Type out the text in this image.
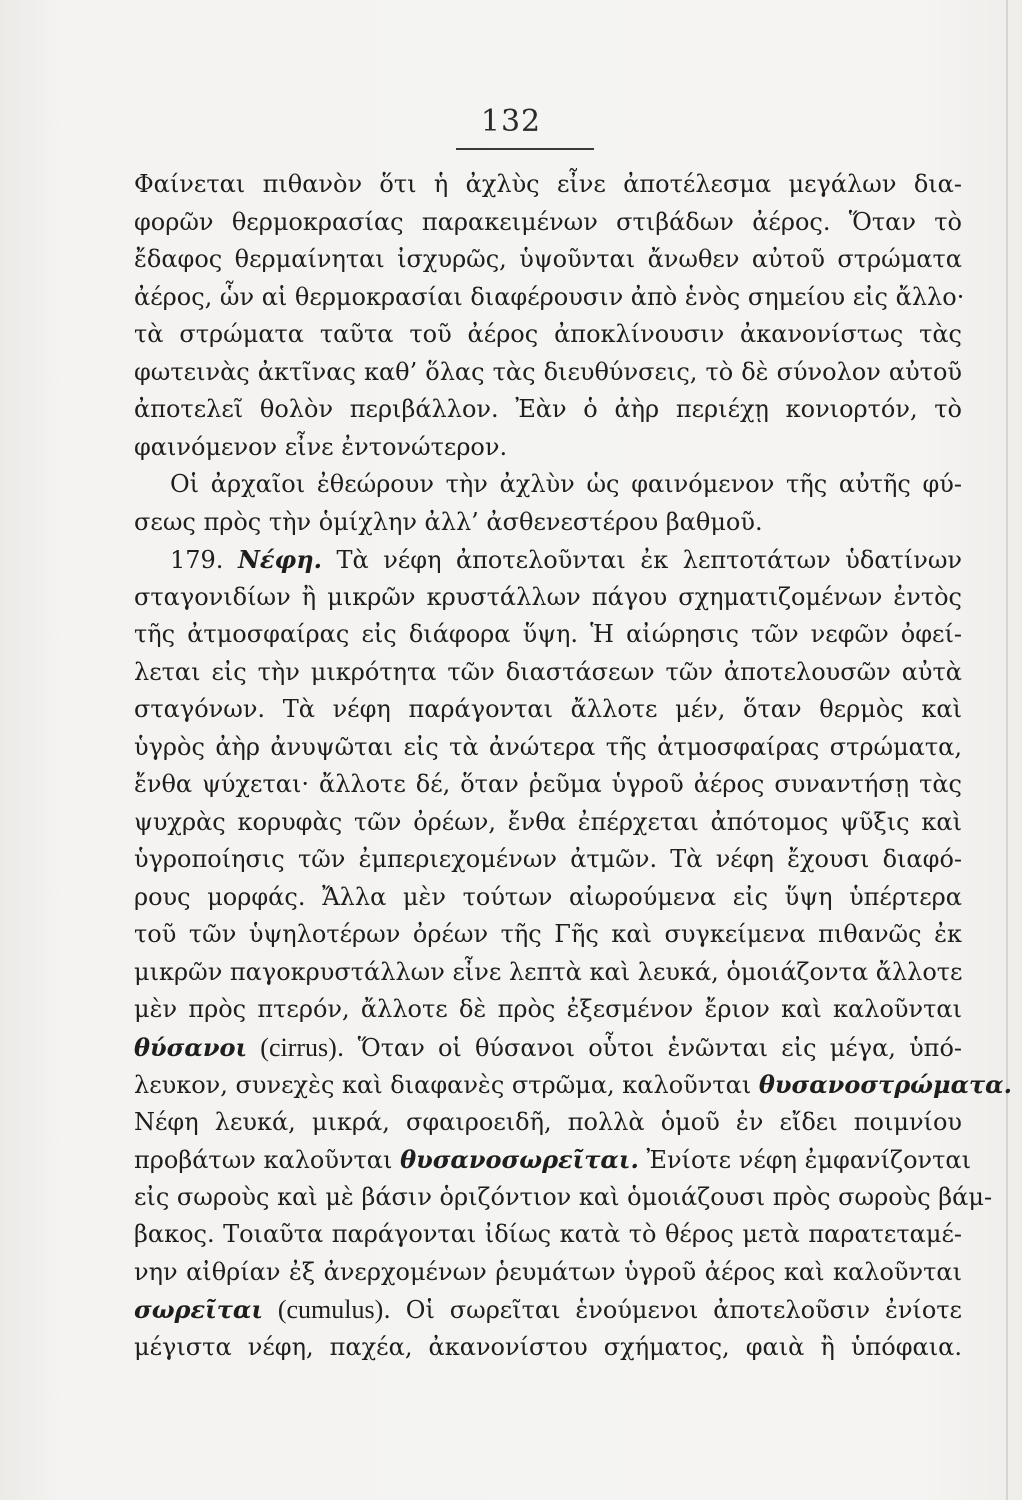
132
Φαίνεται πιθανὸν ὅτι ἡ ἀχλὺς εἶνε ἀποτέλεσμα μεγάλων δια-
φορῶν θερμοκρασίας παρακειμένων στιβάδων ἀέρος. Ὅταν τὸ
ἔδαφος θερμαίνηται ἰσχυρῶς, ὑψοῦνται ἄνωθεν αὐτοῦ στρώματα
ἀέρος, ὧν αἱ θερμοκρασίαι διαφέρουσιν ἀπὸ ἑνὸς σημείου εἰς ἄλλο·
τὰ στρώματα ταῦτα τοῦ ἀέρος ἀποκλίνουσιν ἀκανονίστως τὰς
φωτεινὰς ἀκτῖνας καθ’ ὅλας τὰς διευθύνσεις, τὸ δὲ σύνολον αὐτοῦ
ἀποτελεῖ θολὸν περιβάλλον. Ἐὰν ὁ ἀὴρ περιέχῃ κονιορτόν, τὸ
φαινόμενον εἶνε ἐντονώτερον.
Οἱ ἀρχαῖοι ἐθεώρουν τὴν ἀχλὺν ὡς φαινόμενον τῆς αὐτῆς φύ-
σεως πρὸς τὴν ὁμίχλην ἀλλ’ ἀσθενεστέρου βαθμοῦ.
179. Νέφη. Τὰ νέφη ἀποτελοῦνται ἐκ λεπτοτάτων ὑδατίνων
σταγονιδίων ἢ μικρῶν κρυστάλλων πάγου σχηματιζομένων ἐντὸς
τῆς ἀτμοσφαίρας εἰς διάφορα ὕψη. Ἡ αἰώρησις τῶν νεφῶν ὀφεί-
λεται εἰς τὴν μικρότητα τῶν διαστάσεων τῶν ἀποτελουσῶν αὐτὰ
σταγόνων. Τὰ νέφη παράγονται ἄλλοτε μέν, ὅταν θερμὸς καὶ
ὑγρὸς ἀὴρ ἀνυψῶται εἰς τὰ ἀνώτερα τῆς ἀτμοσφαίρας στρώματα,
ἔνθα ψύχεται· ἄλλοτε δέ, ὅταν ῥεῦμα ὑγροῦ ἀέρος συναντήσῃ τὰς
ψυχρὰς κορυφὰς τῶν ὀρέων, ἔνθα ἐπέρχεται ἀπότομος ψῦξις καὶ
ὑγροποίησις τῶν ἐμπεριεχομένων ἀτμῶν. Τὰ νέφη ἔχουσι διαφό-
ρους μορφάς. Ἄλλα μὲν τούτων αἰωρούμενα εἰς ὕψη ὑπέρτερα
τοῦ τῶν ὑψηλοτέρων ὀρέων τῆς Γῆς καὶ συγκείμενα πιθανῶς ἐκ
μικρῶν παγοκρυστάλλων εἶνε λεπτὰ καὶ λευκά, ὁμοιάζοντα ἄλλοτε
μὲν πρὸς πτερόν, ἄλλοτε δὲ πρὸς ἐξεσμένον ἔριον καὶ καλοῦνται
θύσανοι (cirrus). Ὅταν οἱ θύσανοι οὗτοι ἑνῶνται εἰς μέγα, ὑπό-
λευκον, συνεχὲς καὶ διαφανὲς στρῶμα, καλοῦνται θυσανοστρώματα.
Νέφη λευκά, μικρά, σφαιροειδῆ, πολλὰ ὁμοῦ ἐν εἴδει ποιμνίου
προβάτων καλοῦνται θυσανοσωρεῖται. Ἐνίοτε νέφη ἐμφανίζονται
εἰς σωροὺς καὶ μὲ βάσιν ὁριζόντιον καὶ ὁμοιάζουσι πρὸς σωροὺς βάμ-
βακος. Τοιαῦτα παράγονται ἰδίως κατὰ τὸ θέρος μετὰ παρατεταμέ-
νην αἰθρίαν ἐξ ἀνερχομένων ῥευμάτων ὑγροῦ ἀέρος καὶ καλοῦνται
σωρεῖται (cumulus). Οἱ σωρεῖται ἑνούμενοι ἀποτελοῦσιν ἐνίοτε
μέγιστα νέφη, παχέα, ἀκανονίστου σχήματος, φαιὰ ἢ ὑπόφαια.
